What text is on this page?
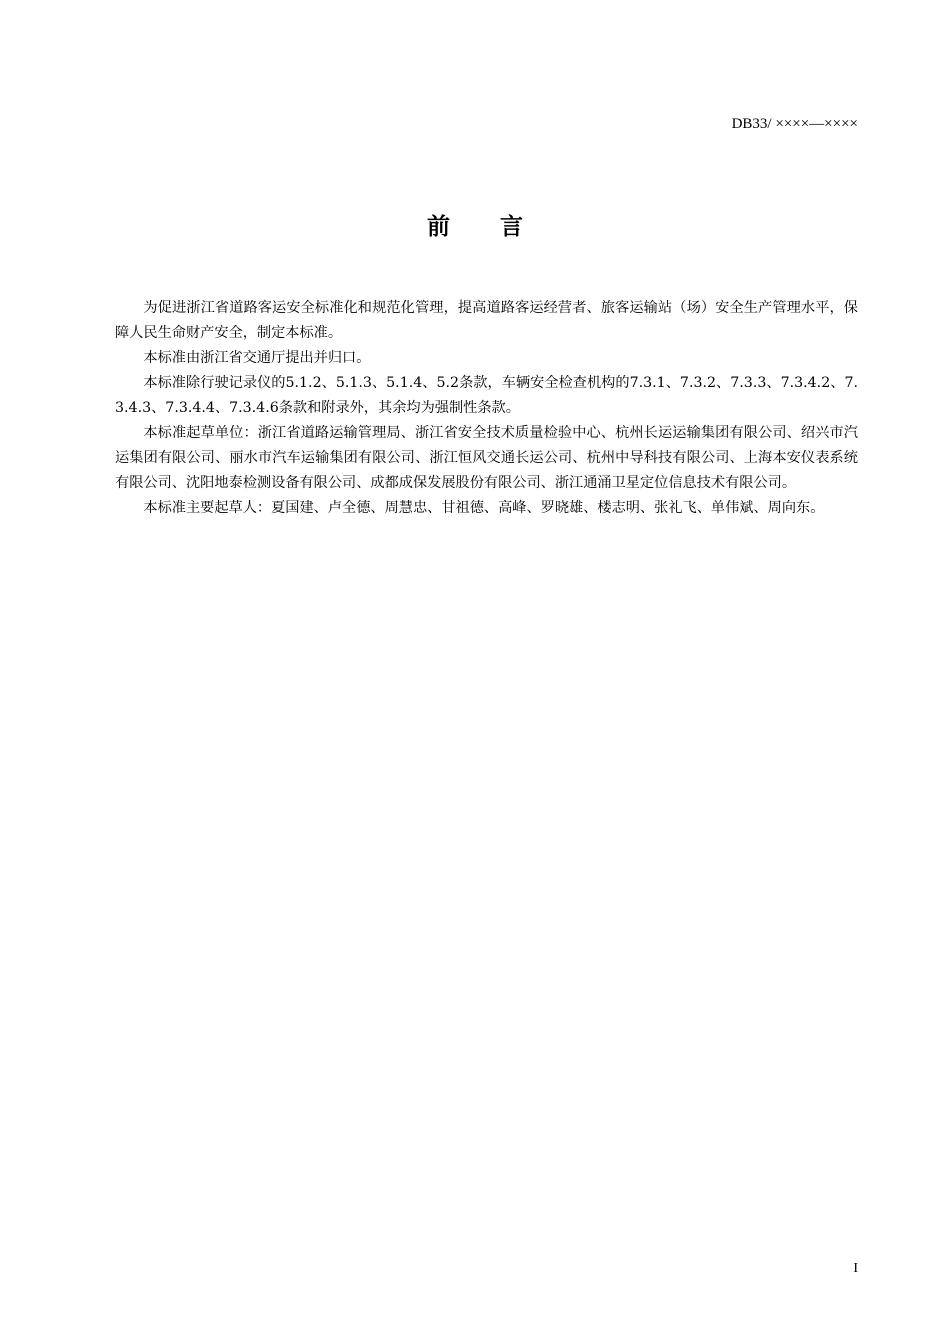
DB33/ ××××—××××
前言

为促进浙江省道路客运安全标准化和规范化管理，提高道路客运经营者、旅客运输站（场）安全生产管理水平，保障人民生命财产安全，制定本标准。

本标准由浙江省交通厅提出并归口。

本标准除行驶记录仪的5.1.2、5.1.3、5.1.4、5.2条款，车辆安全检查机构的7.3.1、7.3.2、7.3.3、7.3.4.2、7.3.4.3、7.3.4.4、7.3.4.6条款和附录外，其余均为强制性条款。

本标准起草单位：浙江省道路运输管理局、浙江省安全技术质量检验中心、杭州长运运输集团有限公司、绍兴市汽运集团有限公司、丽水市汽车运输集团有限公司、浙江恒风交通长运公司、杭州中导科技有限公司、上海本安仪表系统有限公司、沈阳地泰检测设备有限公司、成都成保发展股份有限公司、浙江通涌卫星定位信息技术有限公司。

本标准主要起草人：夏国建、卢全德、周慧忠、甘祖德、高峰、罗晓雄、楼志明、张礼飞、单伟斌、周向东。

I
